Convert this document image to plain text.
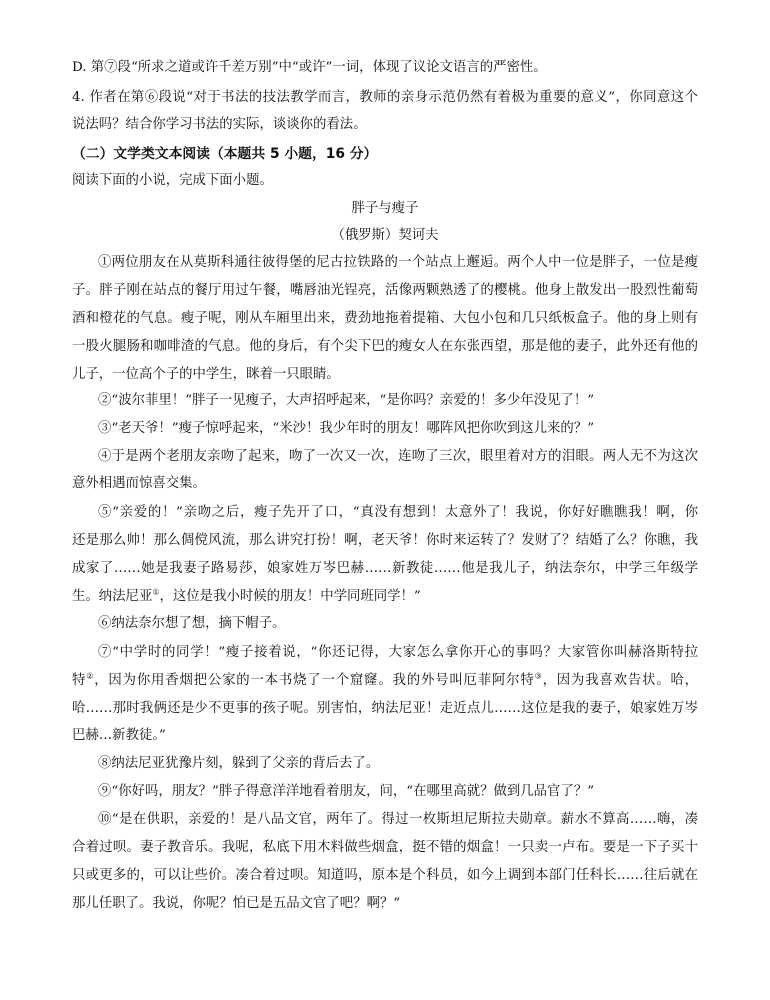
D. 第⑦段“所求之道或许千差万别”中“或许”一词，体现了议论文语言的严密性。
4. 作者在第⑥段说“对于书法的技法教学而言，教师的亲身示范仍然有着极为重要的意义”，你同意这个
说法吗？结合你学习书法的实际，谈谈你的看法。
（二）文学类文本阅读（本题共 5 小题，16 分）
阅读下面的小说，完成下面小题。
胖子与瘦子
（俄罗斯）契诃夫
①两位朋友在从莫斯科通往彼得堡的尼古拉铁路的一个站点上邂逅。两个人中一位是胖子，一位是瘦
子。胖子刚在站点的餐厅用过午餐，嘴唇油光锃亮，活像两颗熟透了的樱桃。他身上散发出一股烈性葡萄
酒和橙花的气息。瘦子呢，刚从车厢里出来，费劲地拖着提箱、大包小包和几只纸板盒子。他的身上则有
一股火腿肠和咖啡渣的气息。他的身后，有个尖下巴的瘦女人在东张西望，那是他的妻子，此外还有他的
儿子，一位高个子的中学生，眯着一只眼睛。
②“波尔菲里！”胖子一见瘦子，大声招呼起来，“是你吗？亲爱的！多少年没见了！”
③“老天爷！”瘦子惊呼起来，“米沙！我少年时的朋友！哪阵风把你吹到这儿来的？”
④于是两个老朋友亲吻了起来，吻了一次又一次，连吻了三次，眼里着对方的泪眼。两人无不为这次
意外相遇而惊喜交集。
⑤“亲爱的！”亲吻之后，瘦子先开了口，“真没有想到！太意外了！我说，你好好瞧瞧我！啊，你
还是那么帅！那么倜傥风流，那么讲究打扮！啊，老天爷！你时来运转了？发财了？结婚了么？你瞧，我
成家了……她是我妻子路易莎，娘家姓万岑巴赫……新教徒……他是我儿子，纳法奈尔，中学三年级学
生。纳法尼亚①，这位是我小时候的朋友！中学同班同学！”
⑥纳法奈尔想了想，摘下帽子。
⑦“中学时的同学！”瘦子接着说，“你还记得，大家怎么拿你开心的事吗？大家管你叫赫洛斯特拉
特②，因为你用香烟把公家的一本书烧了一个窟窿。我的外号叫厄菲阿尔特③，因为我喜欢告状。哈，
哈……那时我俩还是少不更事的孩子呢。别害怕，纳法尼亚！走近点儿……这位是我的妻子，娘家姓万岑
巴赫…新教徒。”
⑧纳法尼亚犹豫片刻，躲到了父亲的背后去了。
⑨“你好吗，朋友？”胖子得意洋洋地看着朋友，问，“在哪里高就？做到几品官了？”
⑩“是在供职，亲爱的！是八品文官，两年了。得过一枚斯坦尼斯拉夫勋章。薪水不算高……嗨，凑
合着过呗。妻子教音乐。我呢，私底下用木料做些烟盒，挺不错的烟盒！一只卖一卢布。要是一下子买十
只或更多的，可以让些价。凑合着过呗。知道吗，原本是个科员，如今上调到本部门任科长……往后就在
那儿任职了。我说，你呢？怕已是五品文官了吧？啊？”
